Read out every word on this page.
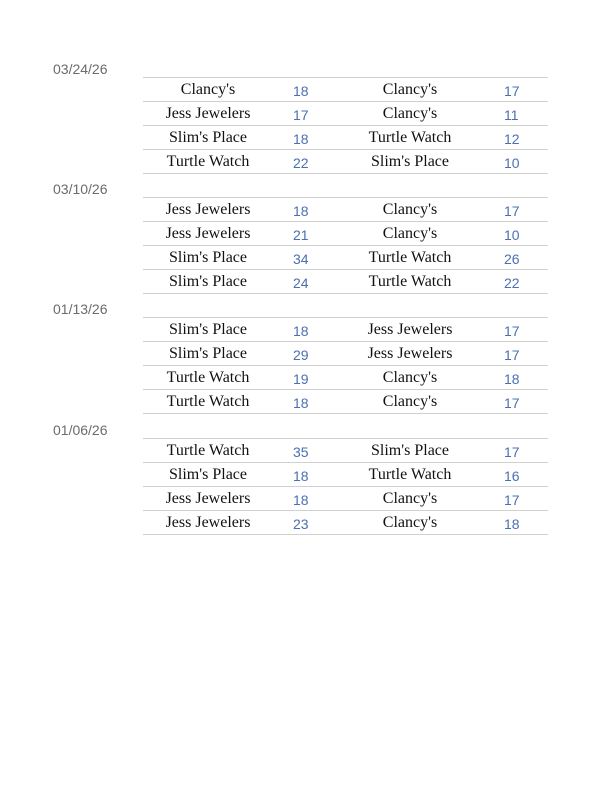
03/24/26
Clancy's	18	Clancy's	17
Jess Jewelers	17	Clancy's	11
Slim's Place	18	Turtle Watch	12
Turtle Watch	22	Slim's Place	10
03/10/26
Jess Jewelers	18	Clancy's	17
Jess Jewelers	21	Clancy's	10
Slim's Place	34	Turtle Watch	26
Slim's Place	24	Turtle Watch	22
01/13/26
Slim's Place	18	Jess Jewelers	17
Slim's Place	29	Jess Jewelers	17
Turtle Watch	19	Clancy's	18
Turtle Watch	18	Clancy's	17
01/06/26
Turtle Watch	35	Slim's Place	17
Slim's Place	18	Turtle Watch	16
Jess Jewelers	18	Clancy's	17
Jess Jewelers	23	Clancy's	18
